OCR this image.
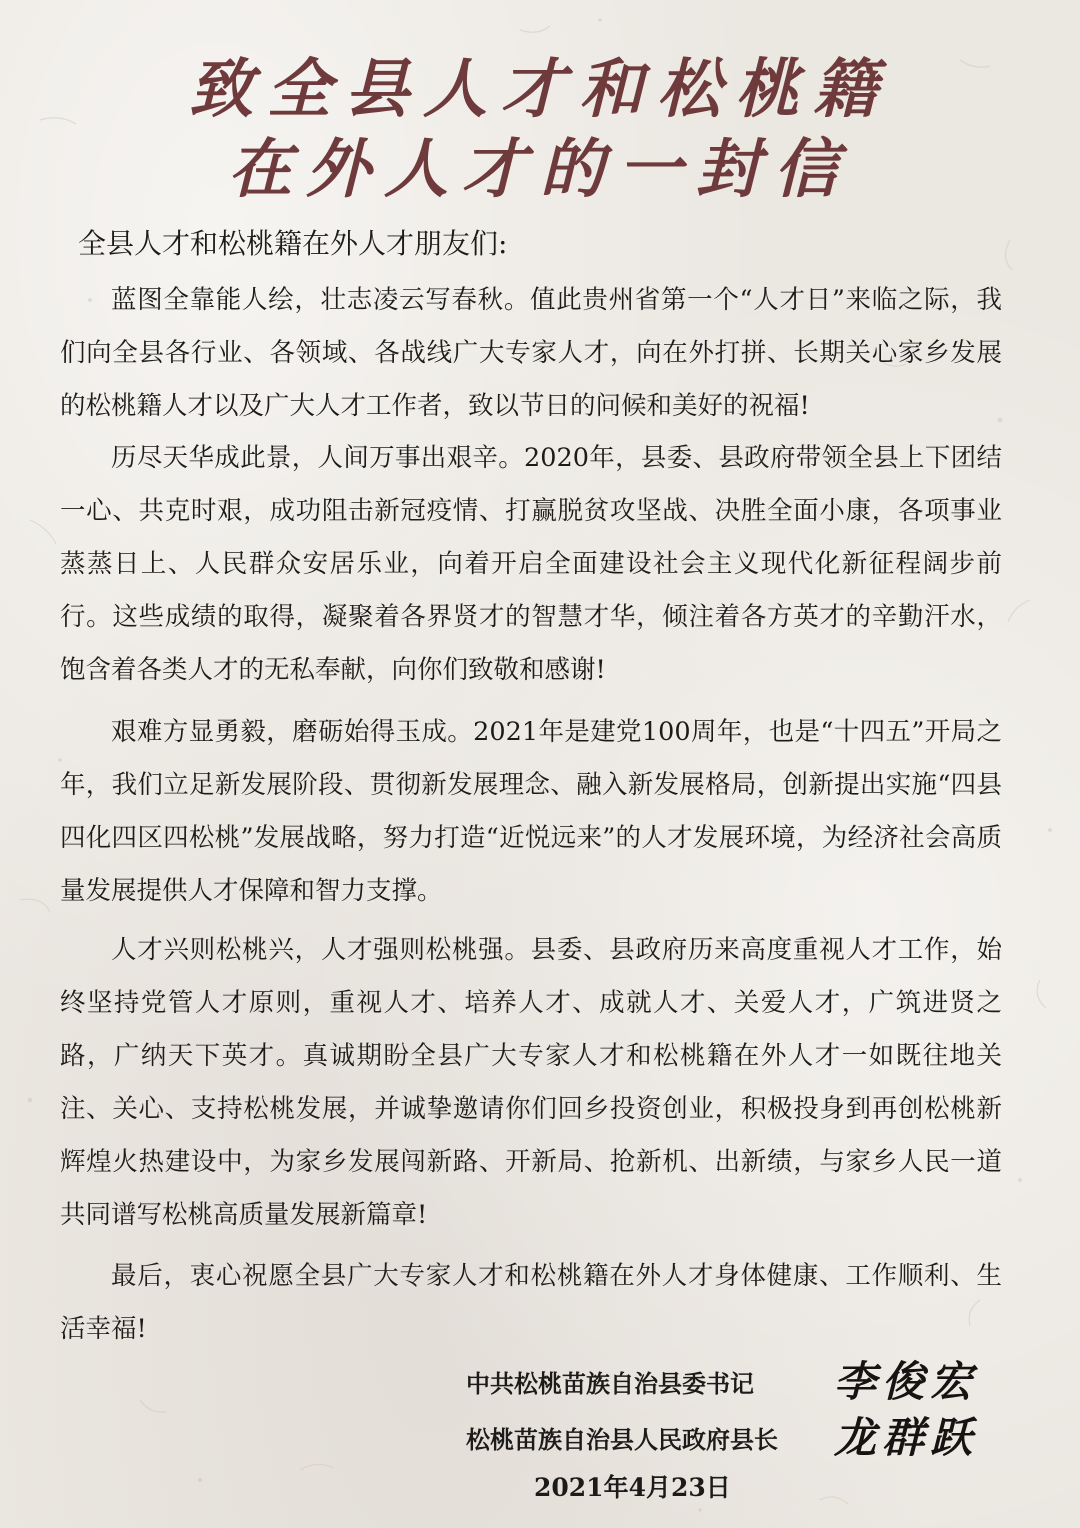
致全县人才和松桃籍
在外人才的一封信

全县人才和松桃籍在外人才朋友们:

蓝图全靠能人绘，壮志凌云写春秋。值此贵州省第一个“人才日”来临之际，我们向全县各行业、各领域、各战线广大专家人才，向在外打拼、长期关心家乡发展的松桃籍人才以及广大人才工作者，致以节日的问候和美好的祝福!

历尽天华成此景，人间万事出艰辛。2020年，县委、县政府带领全县上下团结一心、共克时艰，成功阻击新冠疫情、打赢脱贫攻坚战、决胜全面小康，各项事业蒸蒸日上、人民群众安居乐业，向着开启全面建设社会主义现代化新征程阔步前行。这些成绩的取得，凝聚着各界贤才的智慧才华，倾注着各方英才的辛勤汗水，饱含着各类人才的无私奉献，向你们致敬和感谢!

艰难方显勇毅，磨砺始得玉成。2021年是建党100周年，也是“十四五”开局之年，我们立足新发展阶段、贯彻新发展理念、融入新发展格局，创新提出实施“四县四化四区四松桃”发展战略，努力打造“近悦远来”的人才发展环境，为经济社会高质量发展提供人才保障和智力支撑。

人才兴则松桃兴，人才强则松桃强。县委、县政府历来高度重视人才工作，始终坚持党管人才原则，重视人才、培养人才、成就人才、关爱人才，广筑进贤之路，广纳天下英才。真诚期盼全县广大专家人才和松桃籍在外人才一如既往地关注、关心、支持松桃发展，并诚挚邀请你们回乡投资创业，积极投身到再创松桃新辉煌火热建设中，为家乡发展闯新路、开新局、抢新机、出新绩，与家乡人民一道共同谱写松桃高质量发展新篇章!

最后，衷心祝愿全县广大专家人才和松桃籍在外人才身体健康、工作顺利、生活幸福!

中共松桃苗族自治县委书记 李俊宏
松桃苗族自治县人民政府县长 龙群跃
2021年4月23日
